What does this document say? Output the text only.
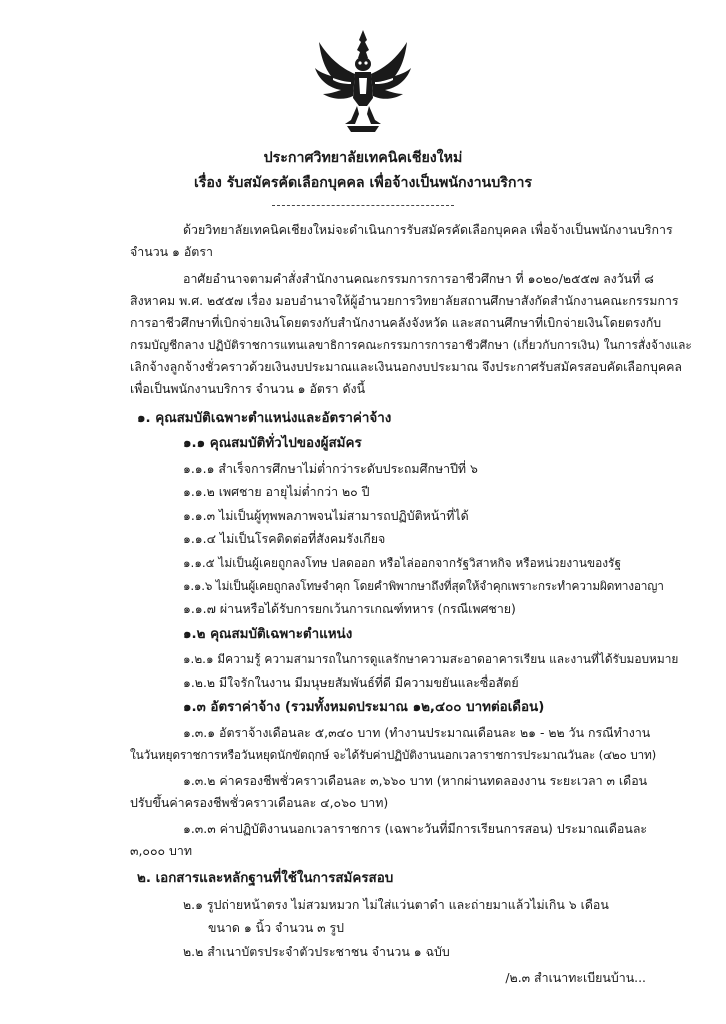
ประกาศวิทยาลัยเทคนิคเชียงใหม่
เรื่อง รับสมัครคัดเลือกบุคคล เพื่อจ้างเป็นพนักงานบริการ
ด้วยวิทยาลัยเทคนิคเชียงใหม่จะดำเนินการรับสมัครคัดเลือกบุคคล เพื่อจ้างเป็นพนักงานบริการ
จำนวน ๑ อัตรา
อาศัยอำนาจตามคำสั่งสำนักงานคณะกรรมการการอาชีวศึกษา ที่ ๑๐๒๐/๒๕๕๗ ลงวันที่ ๘
สิงหาคม พ.ศ. ๒๕๕๗ เรื่อง มอบอำนาจให้ผู้อำนวยการวิทยาลัยสถานศึกษาสังกัดสำนักงานคณะกรรมการ
การอาชีวศึกษาที่เบิกจ่ายเงินโดยตรงกับสำนักงานคลังจังหวัด และสถานศึกษาที่เบิกจ่ายเงินโดยตรงกับ
กรมบัญชีกลาง ปฏิบัติราชการแทนเลขาธิการคณะกรรมการการอาชีวศึกษา (เกี่ยวกับการเงิน) ในการสั่งจ้างและ
เลิกจ้างลูกจ้างชั่วคราวด้วยเงินงบประมาณและเงินนอกงบประมาณ จึงประกาศรับสมัครสอบคัดเลือกบุคคล
เพื่อเป็นพนักงานบริการ จำนวน ๑ อัตรา ดังนี้
๑. คุณสมบัติเฉพาะตำแหน่งและอัตราค่าจ้าง
๑.๑ คุณสมบัติทั่วไปของผู้สมัคร
๑.๑.๑ สำเร็จการศึกษาไม่ต่ำกว่าระดับประถมศึกษาปีที่ ๖
๑.๑.๒ เพศชาย อายุไม่ต่ำกว่า ๒๐ ปี
๑.๑.๓ ไม่เป็นผู้ทุพพลภาพจนไม่สามารถปฏิบัติหน้าที่ได้
๑.๑.๔ ไม่เป็นโรคติดต่อที่สังคมรังเกียจ
๑.๑.๕ ไม่เป็นผู้เคยถูกลงโทษ ปลดออก หรือไล่ออกจากรัฐวิสาหกิจ หรือหน่วยงานของรัฐ
๑.๑.๖ ไม่เป็นผู้เคยถูกลงโทษจำคุก โดยคำพิพากษาถึงที่สุดให้จำคุกเพราะกระทำความผิดทางอาญา
๑.๑.๗ ผ่านหรือได้รับการยกเว้นการเกณฑ์ทหาร (กรณีเพศชาย)
๑.๒ คุณสมบัติเฉพาะตำแหน่ง
๑.๒.๑ มีความรู้ ความสามารถในการดูแลรักษาความสะอาดอาคารเรียน และงานที่ได้รับมอบหมาย
๑.๒.๒ มีใจรักในงาน มีมนุษยสัมพันธ์ที่ดี มีความขยันและซื่อสัตย์
๑.๓ อัตราค่าจ้าง (รวมทั้งหมดประมาณ ๑๒,๔๐๐ บาทต่อเดือน)
๑.๓.๑ อัตราจ้างเดือนละ ๕,๓๔๐ บาท (ทำงานประมาณเดือนละ ๒๑ - ๒๒ วัน กรณีทำงาน
ในวันหยุดราชการหรือวันหยุดนักขัตฤกษ์ จะได้รับค่าปฏิบัติงานนอกเวลาราชการประมาณวันละ (๔๒๐ บาท)
๑.๓.๒ ค่าครองชีพชั่วคราวเดือนละ ๓,๖๖๐ บาท (หากผ่านทดลองงาน ระยะเวลา ๓ เดือน
ปรับขึ้นค่าครองชีพชั่วคราวเดือนละ ๔,๐๖๐ บาท)
๑.๓.๓ ค่าปฏิบัติงานนอกเวลาราชการ (เฉพาะวันที่มีการเรียนการสอน) ประมาณเดือนละ
๓,๐๐๐ บาท
๒. เอกสารและหลักฐานที่ใช้ในการสมัครสอบ
๒.๑ รูปถ่ายหน้าตรง ไม่สวมหมวก ไม่ใส่แว่นตาดำ และถ่ายมาแล้วไม่เกิน ๖ เดือน
ขนาด ๑ นิ้ว จำนวน ๓ รูป
๒.๒ สำเนาบัตรประจำตัวประชาชน จำนวน ๑ ฉบับ
/๒.๓ สำเนาทะเบียนบ้าน...
